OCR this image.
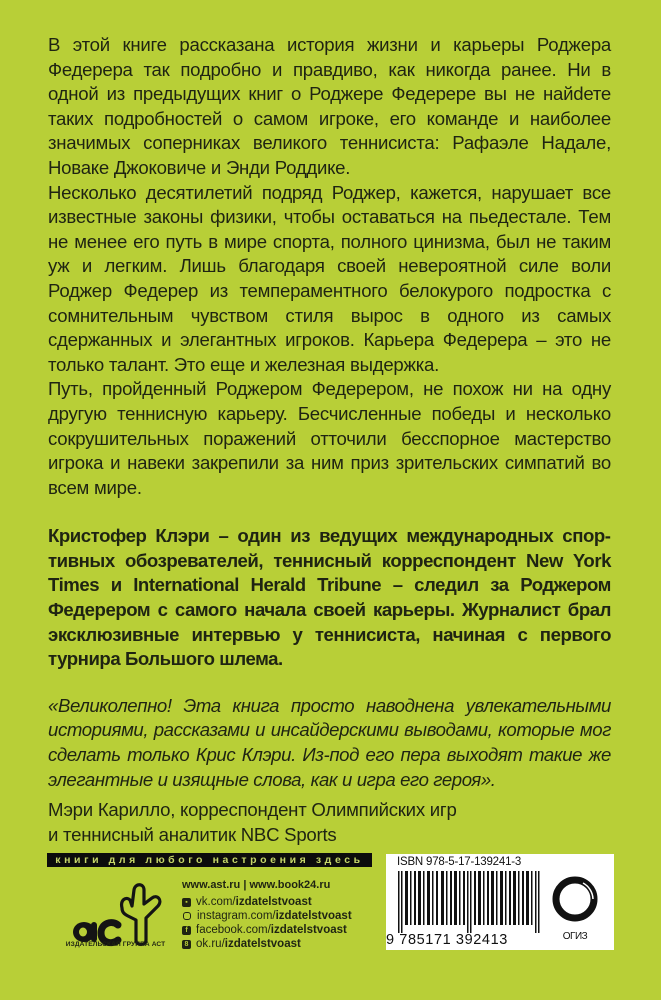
В этой книге рассказана история жизни и карьеры Роджера Федерера так подробно и правдиво, как никогда ранее. Ни в одной из предыдущих книг о Роджере Федерере вы не найdете таких подробностей о самом игроке, его команде и наиболее значимых соперниках великого теннисиста: Рафаэле Надале, Новаке Джоковиче и Энди Роддике.

Несколько десятилетий подряд Роджер, кажется, нарушает все известные законы физики, чтобы оставаться на пьедестале. Тем не менее его путь в мире спорта, полного цинизма, был не таким уж и легким. Лишь благодаря своей невероятной силе воли Роджер Федерер из темпераментного белокурого подростка с сомнительным чувством стиля вырос в одного из самых сдержанных и элегантных игроков. Карьера Федерера – это не только талант. Это еще и железная выдержка.

Путь, пройденный Роджером Федерером, не похож ни на одну другую теннисную карьеру. Бесчисленные победы и несколько сокрушительных поражений отточили бесспорное мастерство игрока и навеки закрепили за ним приз зрительских симпатий во всем мире.

Кристофер Клэри – один из ведущих международных спортивных обозревателей, теннисный корреспондент New York Times и International Herald Tribune – следил за Роджером Федерером с самого начала своей карьеры. Журналист брал эксклюзивные интервью у теннисиста, начиная с первого турнира Большого шлема.

«Великолепно! Эта книга просто наводнена увлекательными историями, рассказами и инсайдерскими выводами, которые мог сделать только Крис Клэри. Из-под его пера выходят такие же элегантные и изящные слова, как и игра его героя».

Мэри Карилло, корреспондент Олимпийских игр
и теннисный аналитик NBC Sports
книги для любого настроения здесь
ИЗДАТЕЛЬСКАЯ ГРУППА АСТ
www.ast.ru | www.book24.ru
▪ vk.com/ izdatelstvoast
instagram.com/ izdatelstvoast
f facebook.com/ izdatelstvoast
8 ok.ru/ izdatelstvoast
ISBN 978-5-17-139241-3
9 785171 392413	ОГИЗ
